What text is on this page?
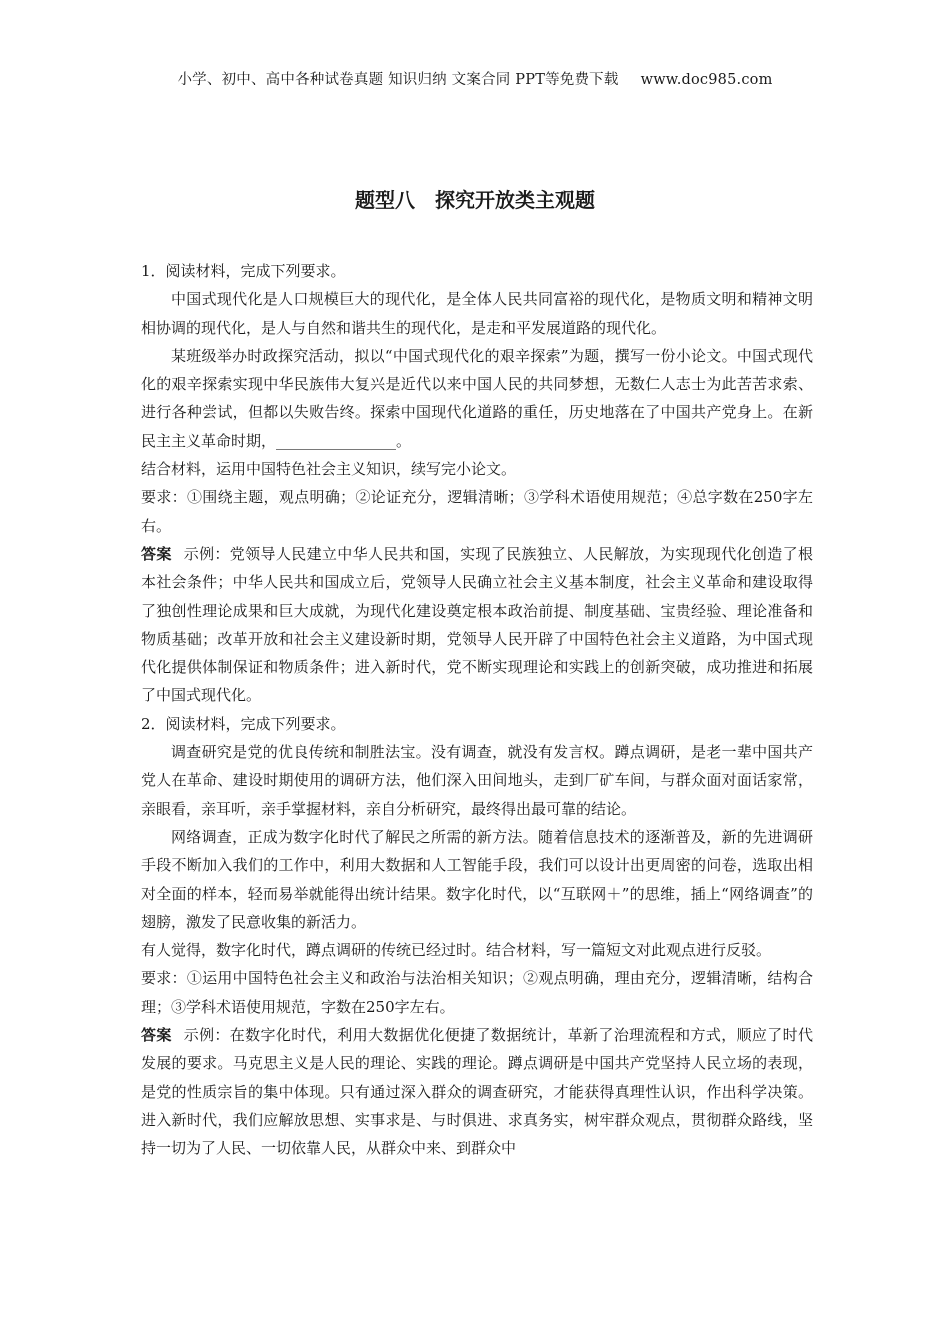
小学、初中、高中各种试卷真题 知识归纳 文案合同 PPT等免费下载 www.doc985.com
题型八　探究开放类主观题

1．阅读材料，完成下列要求。

中国式现代化是人口规模巨大的现代化，是全体人民共同富裕的现代化，是物质文明和精神文明相协调的现代化，是人与自然和谐共生的现代化，是走和平发展道路的现代化。

某班级举办时政探究活动，拟以“中国式现代化的艰辛探索”为题，撰写一份小论文。中国式现代化的艰辛探索实现中华民族伟大复兴是近代以来中国人民的共同梦想，无数仁人志士为此苦苦求索、进行各种尝试，但都以失败告终。探索中国现代化道路的重任，历史地落在了中国共产党身上。在新民主主义革命时期，________________。

结合材料，运用中国特色社会主义知识，续写完小论文。

要求：①围绕主题，观点明确；②论证充分，逻辑清晰；③学科术语使用规范；④总字数在250字左右。

答案 示例：党领导人民建立中华人民共和国，实现了民族独立、人民解放，为实现现代化创造了根本社会条件；中华人民共和国成立后，党领导人民确立社会主义基本制度，社会主义革命和建设取得了独创性理论成果和巨大成就，为现代化建设奠定根本政治前提、制度基础、宝贵经验、理论准备和物质基础；改革开放和社会主义建设新时期，党领导人民开辟了中国特色社会主义道路，为中国式现代化提供体制保证和物质条件；进入新时代，党不断实现理论和实践上的创新突破，成功推进和拓展了中国式现代化。

2．阅读材料，完成下列要求。

调查研究是党的优良传统和制胜法宝。没有调查，就没有发言权。蹲点调研，是老一辈中国共产党人在革命、建设时期使用的调研方法，他们深入田间地头，走到厂矿车间，与群众面对面话家常，亲眼看，亲耳听，亲手掌握材料，亲自分析研究，最终得出最可靠的结论。

网络调查，正成为数字化时代了解民之所需的新方法。随着信息技术的逐渐普及，新的先进调研手段不断加入我们的工作中，利用大数据和人工智能手段，我们可以设计出更周密的问卷，选取出相对全面的样本，轻而易举就能得出统计结果。数字化时代，以“互联网＋”的思维，插上“网络调查”的翅膀，激发了民意收集的新活力。

有人觉得，数字化时代，蹲点调研的传统已经过时。结合材料，写一篇短文对此观点进行反驳。

要求：①运用中国特色社会主义和政治与法治相关知识；②观点明确，理由充分，逻辑清晰，结构合理；③学科术语使用规范，字数在250字左右。

答案 示例：在数字化时代，利用大数据优化便捷了数据统计，革新了治理流程和方式，顺应了时代发展的要求。马克思主义是人民的理论、实践的理论。蹲点调研是中国共产党坚持人民立场的表现，是党的性质宗旨的集中体现。只有通过深入群众的调查研究，才能获得真理性认识，作出科学决策。进入新时代，我们应解放思想、实事求是、与时俱进、求真务实，树牢群众观点，贯彻群众路线，坚持一切为了人民、一切依靠人民，从群众中来、到群众中
